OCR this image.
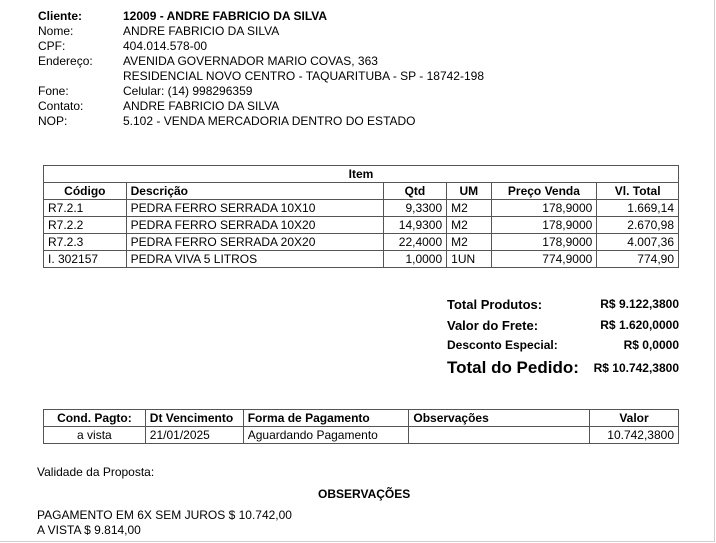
Cliente:	12009 - ANDRE FABRICIO DA SILVA
Nome:	ANDRE FABRICIO DA SILVA
CPF:	404.014.578-00
Endereço:	AVENIDA GOVERNADOR MARIO COVAS, 363
RESIDENCIAL NOVO CENTRO - TAQUARITUBA - SP - 18742-198
Fone:	Celular: (14) 998296359
Contato:	ANDRE FABRICIO DA SILVA
NOP:	5.102 - VENDA MERCADORIA DENTRO DO ESTADO
Item					
Código	Descrição	Qtd	UM	Preço Venda	Vl. Total
R7.2.1	PEDRA FERRO SERRADA 10X10	9,3300	M2	178,9000	1.669,14
R7.2.2	PEDRA FERRO SERRADA 10X20	14,9300	M2	178,9000	2.670,98
R7.2.3	PEDRA FERRO SERRADA 20X20	22,4000	M2	178,9000	4.007,36
I. 302157	PEDRA VIVA 5 LITROS	1,0000	1UN	774,9000	774,90
Total Produtos:	R$ 9.122,3800
Valor do Frete:	R$ 1.620,0000
Desconto Especial:	R$ 0,0000
Total do Pedido: R$ 10.742,3800
Cond. Pagto:	Dt Vencimento	Forma de Pagamento	Observações	Valor
a vista	21/01/2025	Aguardando Pagamento		10.742,3800
Validade da Proposta:
OBSERVAÇÕES
PAGAMENTO EM 6X SEM JUROS $ 10.742,00
A VISTA $ 9.814,00
